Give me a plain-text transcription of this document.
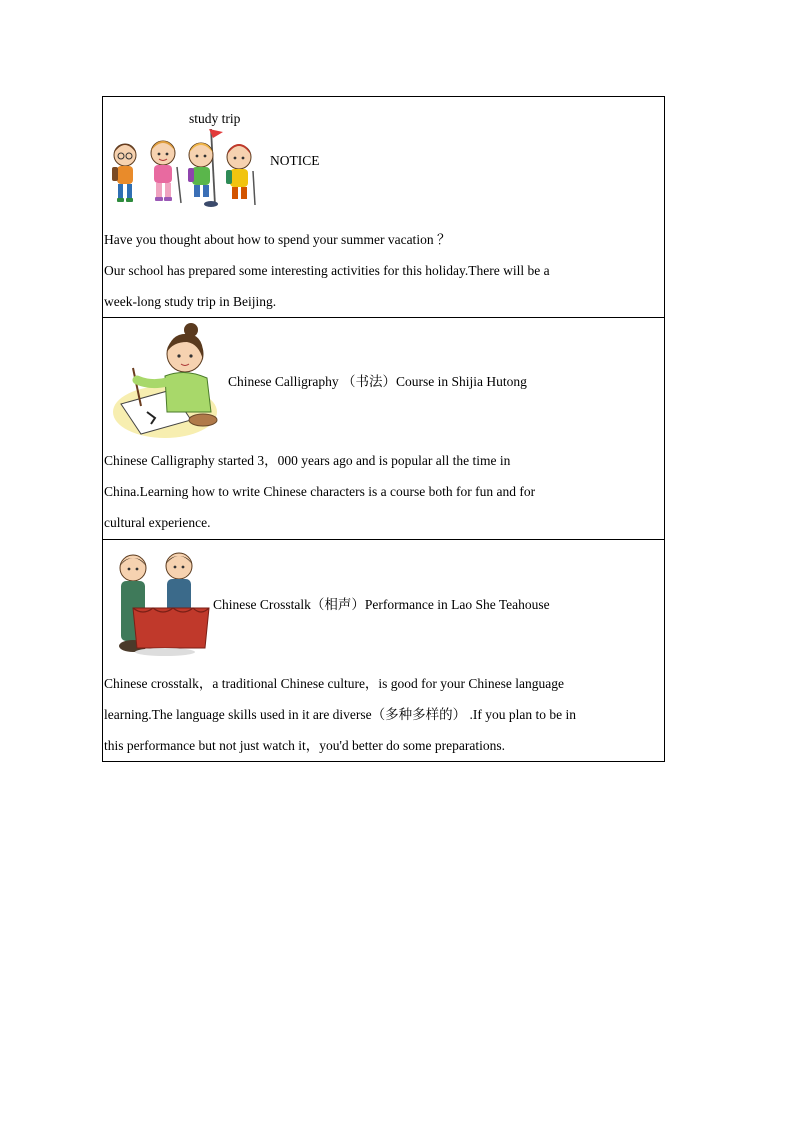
study trip
NOTICE
Have you thought about how to spend your summer vacation ？
Our school has prepared some interesting activities for this holiday.There will be a
week-long study trip in Beijing.
Chinese Calligraphy （书法）Course in Shijia Hutong
Chinese Calligraphy started 3，000 years ago and is popular all the time in
China.Learning how to write Chinese characters is a course both for fun and for
cultural experience.
Chinese Crosstalk（相声）Performance in Lao She Teahouse
Chinese crosstalk，a traditional Chinese culture，is good for your Chinese language
learning.The language skills used in it are diverse（多种多样的） .If you plan to be in
this performance but not just watch it，you'd better do some preparations.
